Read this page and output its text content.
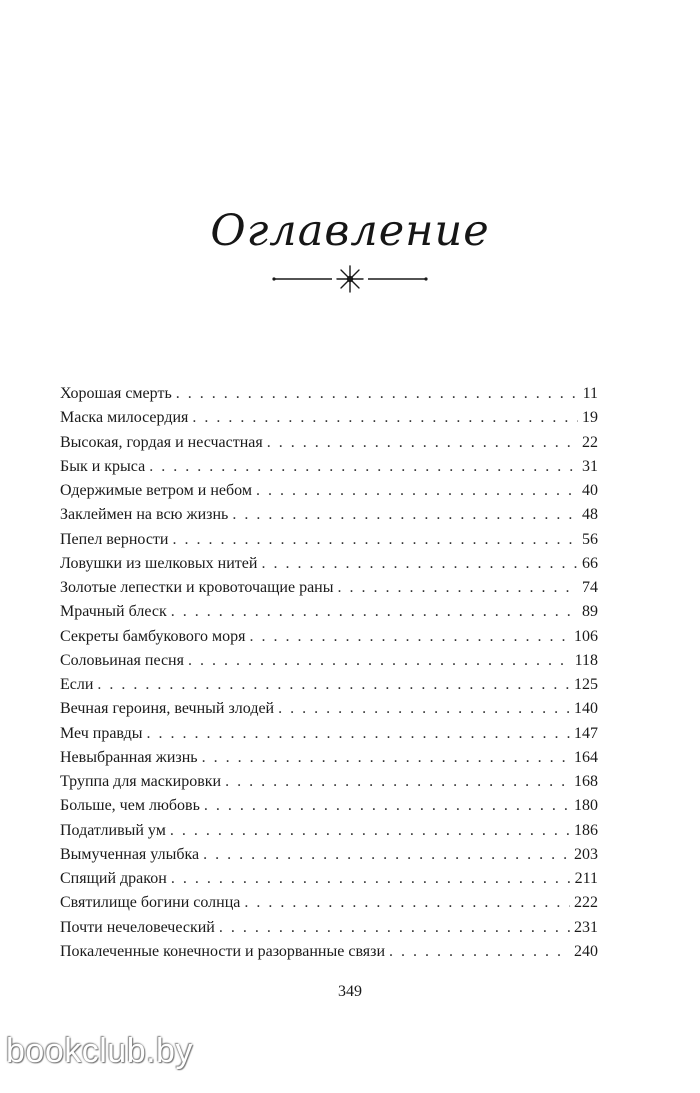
Оглавление
Хорошая смерть . . .	11
Маска милосердия . . .	19
Высокая, гордая и несчастная . . .	22
Бык и крыса . . .	31
Одержимые ветром и небом . . .	40
Заклеймен на всю жизнь . . .	48
Пепел верности . . .	56
Ловушки из шелковых нитей . . .	66
Золотые лепестки и кровоточащие раны . . .	74
Мрачный блеск . . .	89
Секреты бамбукового моря . . .	106
Соловьиная песня . . .	118
Если . . .	125
Вечная героиня, вечный злодей . . .	140
Меч правды . . .	147
Невыбранная жизнь . . .	164
Труппа для маскировки . . .	168
Больше, чем любовь . . .	180
Податливый ум . . .	186
Вымученная улыбка . . .	203
Спящий дракон . . .	211
Святилище богини солнца . . .	222
Почти нечеловеческий . . .	231
Покалеченные конечности и разорванные связи . . .	240
349
bookclub.by
